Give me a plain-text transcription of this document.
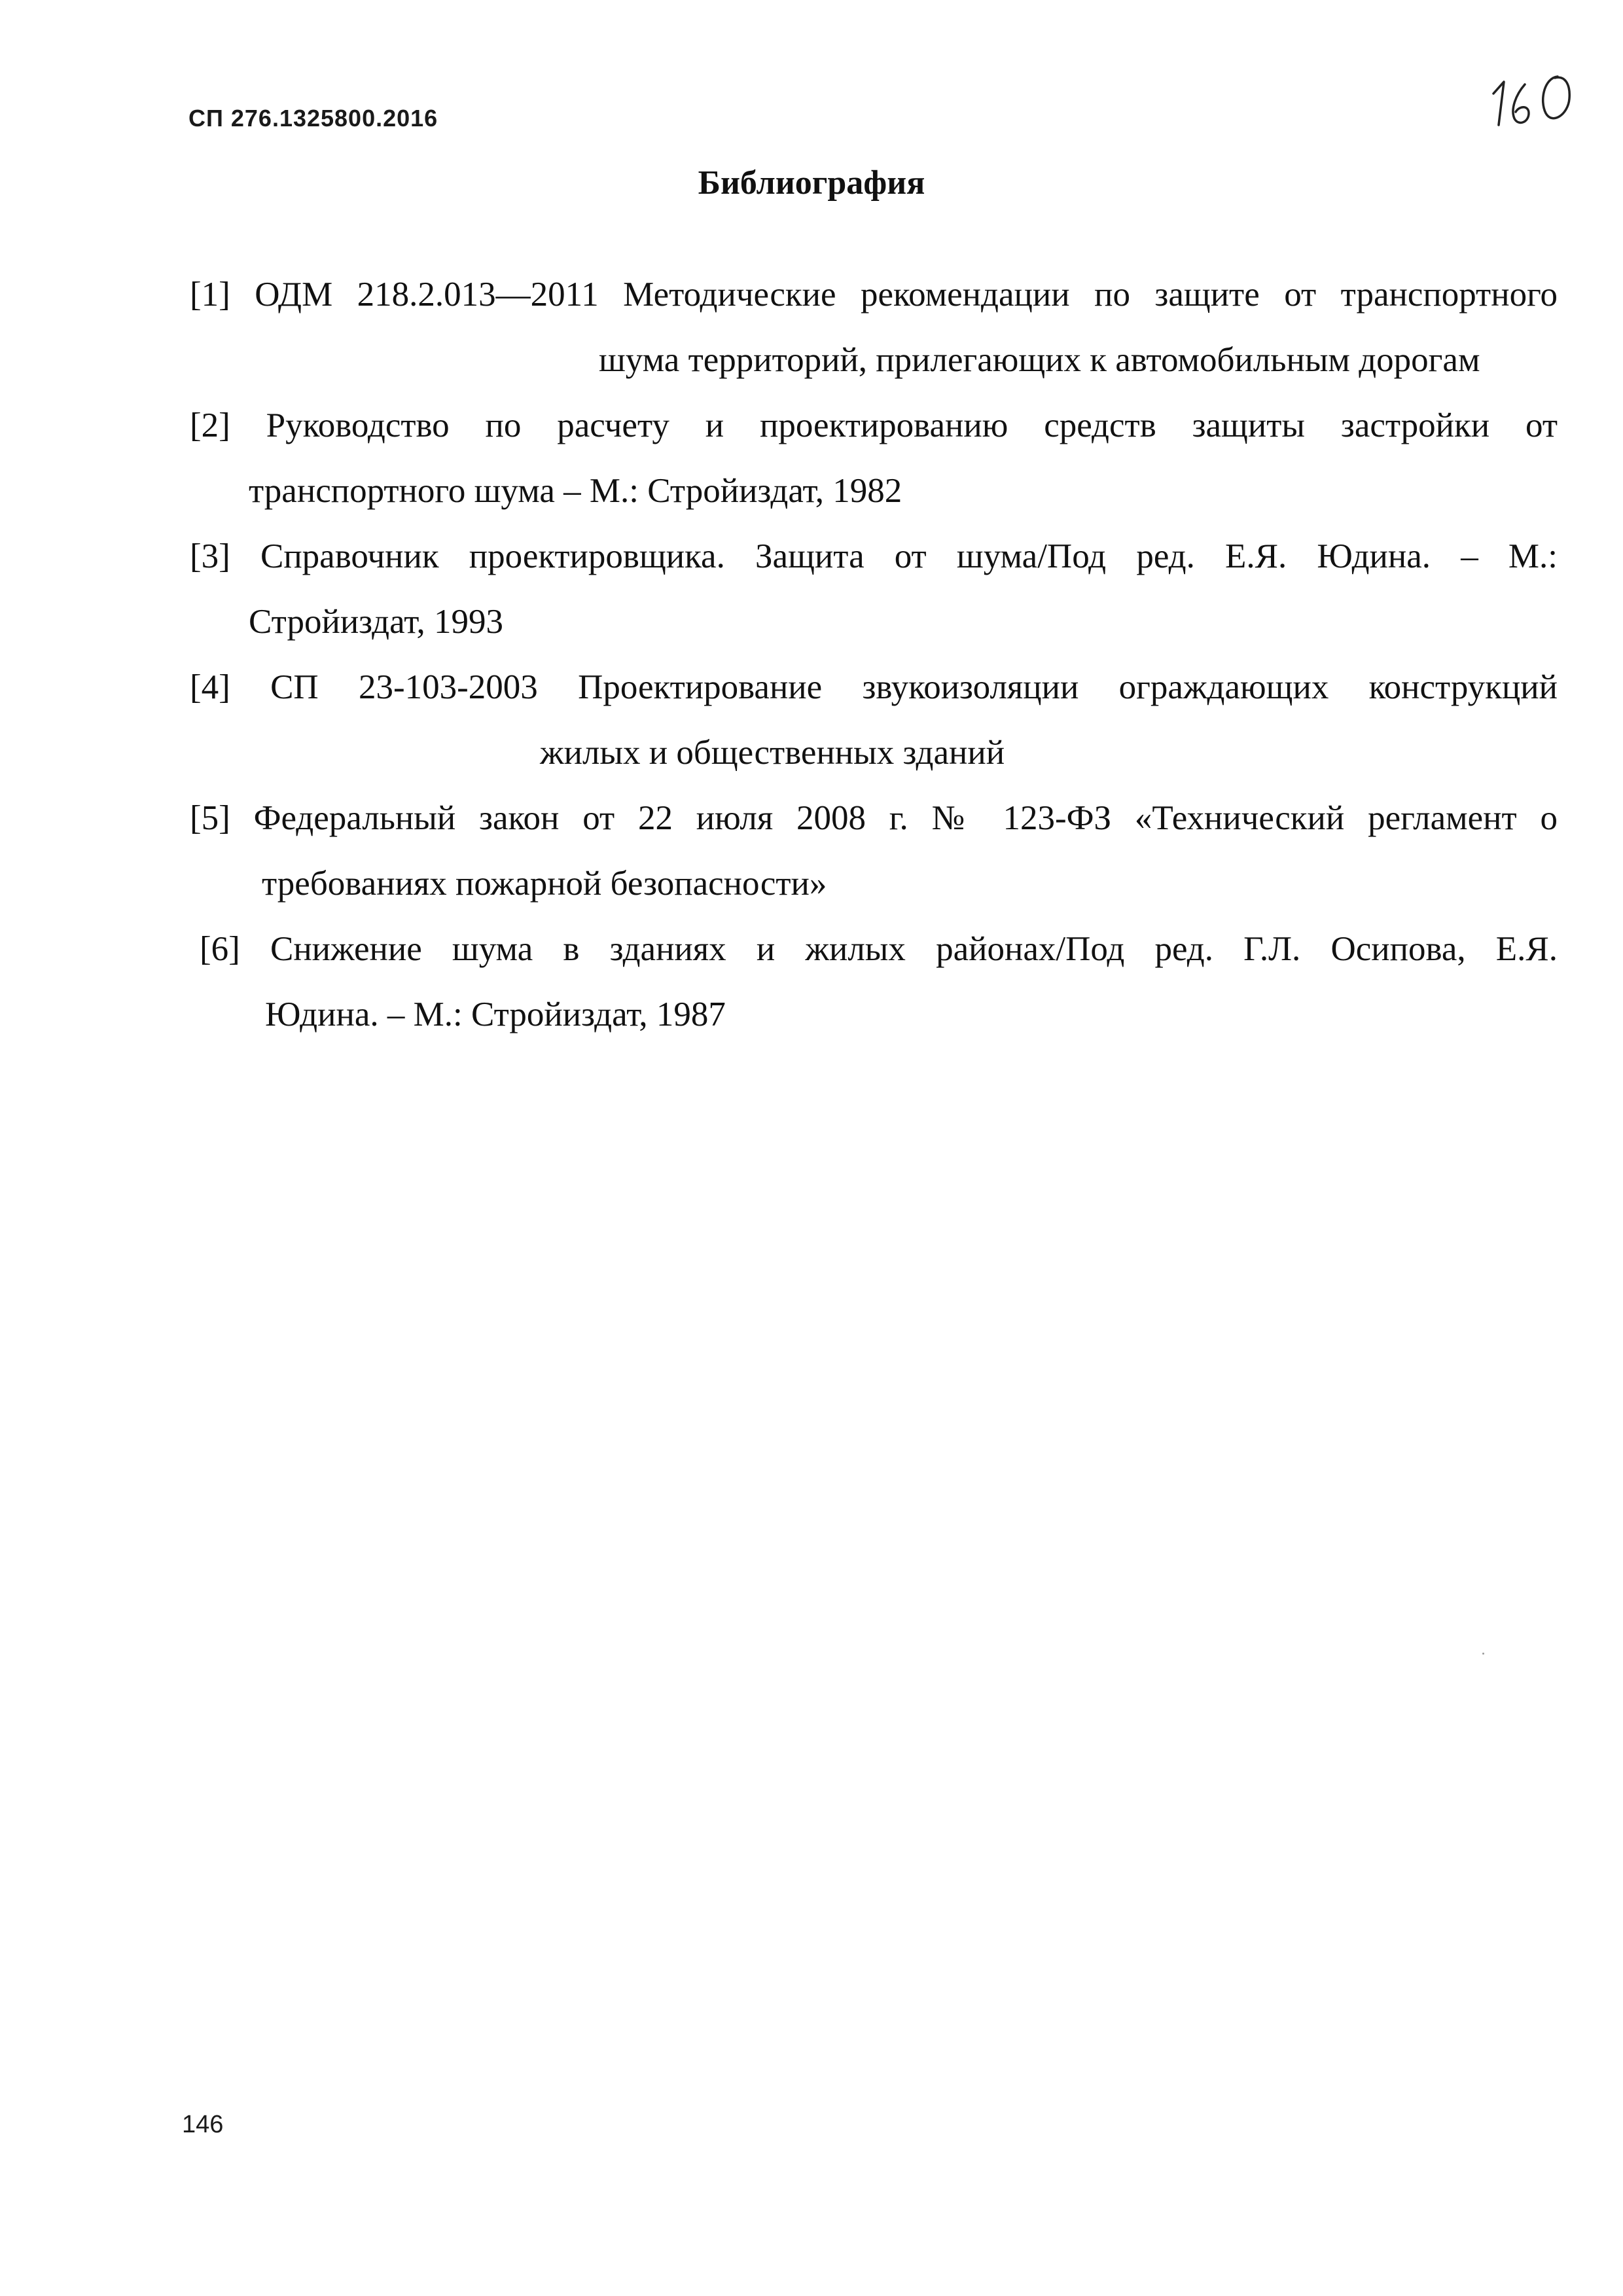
СП 276.1325800.2016
Библиография
[1] ОДМ 218.2.013—2011 Методические рекомендации по защите от транспортного
шума территорий, прилегающих к автомобильным дорогам
[2] Руководство по расчету и проектированию средств защиты застройки от
транспортного шума – М.: Стройиздат, 1982
[3] Справочник проектировщика. Защита от шума/Под ред. Е.Я. Юдина. – М.:
Стройиздат, 1993
[4] СП 23-103-2003 Проектирование звукоизоляции ограждающих конструкций
жилых и общественных зданий
[5] Федеральный закон от 22 июля 2008 г. № 123-ФЗ «Технический регламент о
требованиях пожарной безопасности»
[6] Снижение шума в зданиях и жилых районах/Под ред. Г.Л. Осипова, Е.Я.
Юдина. – М.: Стройиздат, 1987
146
